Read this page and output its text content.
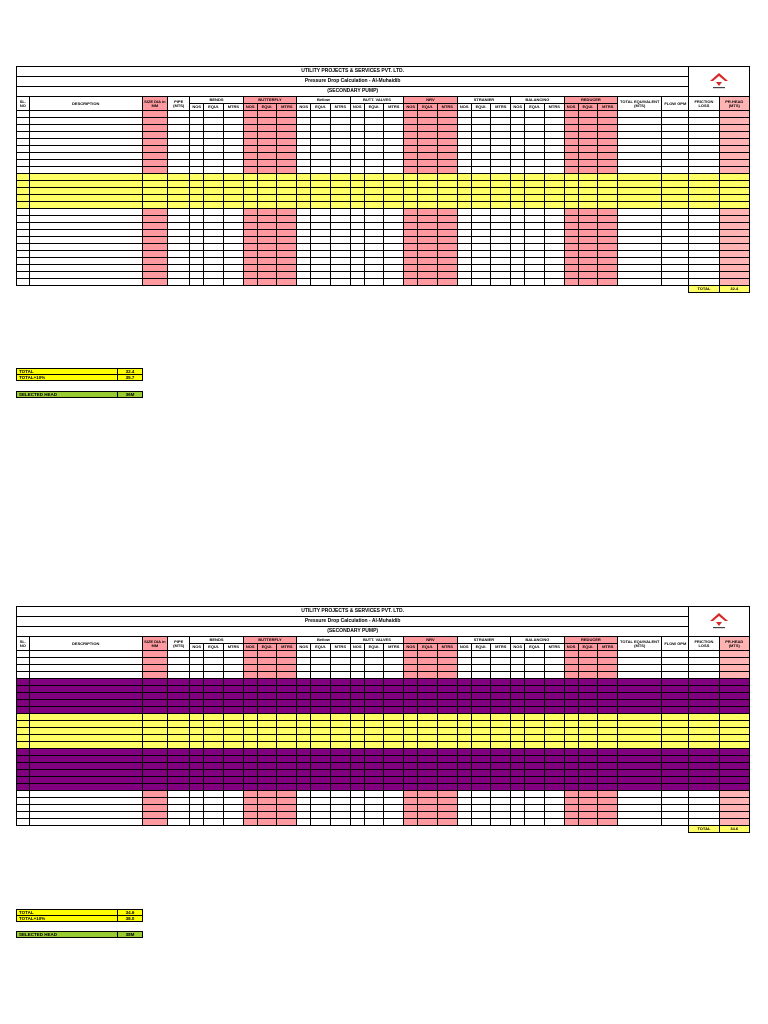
UTILITY PROJECTS & SERVICES PVT. LTD.	

Pressure Drop Calculation - Al-Muhaidib																															
(SECONDARY PUMP)																															
SL. NO	DESCRIPTION	SIZE DIA in MM	PIPE (MTS)	BENDS			BUTTERFLY			Bellow			BUTT. VALVES			NRV			STRANIER			BALANCING			REDUCER			TOTAL EQUIVALENT (MTS)	FLOW GPM	FRICTION LOSS	PR.HEAD (MTS)
				NOS	EQUI.	MTRS	NOS	EQUI.	MTRS	NOS	EQUI.	MTRS	NOS	EQUI.	MTRS	NOS	EQUI.	MTRS	NOS	EQUI.	MTRS	NOS	EQUI.	MTRS	NOS	EQUI.	MTRS				

																														TOTAL	32.4
TOTAL	32.4
TOTAL+10%	35.7
SELECTED HEAD	36M
UTILITY PROJECTS & SERVICES PVT. LTD.	

Pressure Drop Calculation - Al-Muhaidib																															
(SECONDARY PUMP)																															
SL. NO	DESCRIPTION	SIZE DIA in MM	PIPE (MTS)	BENDS			BUTTERFLY			Bellow			BUTT. VALVES			NRV			STRANIER			BALANCING			REDUCER			TOTAL EQUIVALENT (MTS)	FLOW GPM	FRICTION LOSS	PR.HEAD (MTS)
				NOS	EQUI.	MTRS	NOS	EQUI.	MTRS	NOS	EQUI.	MTRS	NOS	EQUI.	MTRS	NOS	EQUI.	MTRS	NOS	EQUI.	MTRS	NOS	EQUI.	MTRS	NOS	EQUI.	MTRS				

																														TOTAL	34.6
TOTAL	34.6
TOTAL+10%	38.0
SELECTED HEAD	38M
